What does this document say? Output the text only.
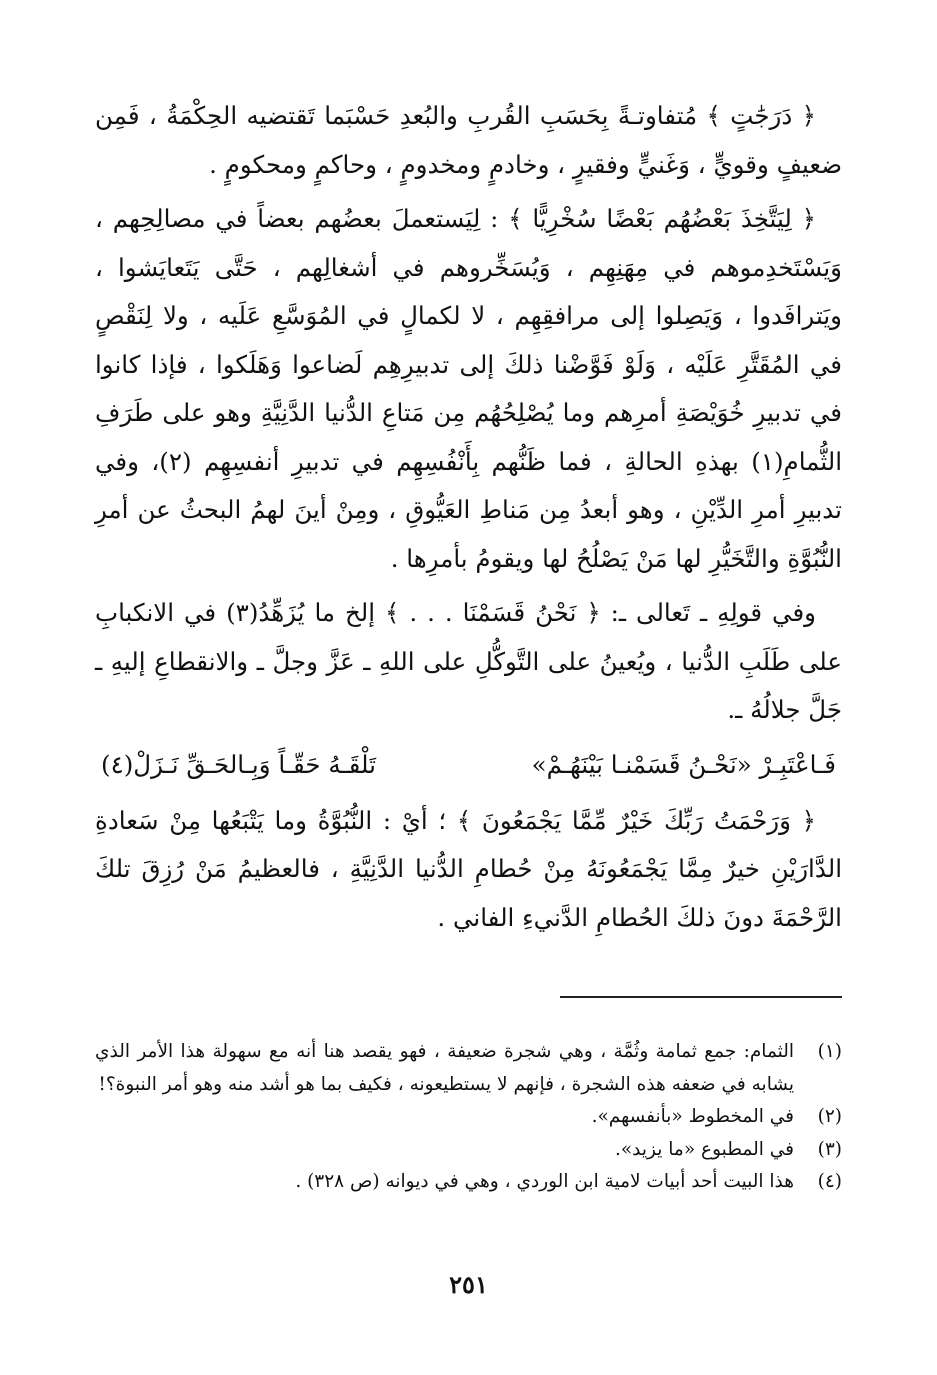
﴿ دَرَجَٰتٍ ﴾ مُتفاوتـةً بِحَسَبِ القُربِ والبُعدِ حَسْبَما تَقتضيه الحِكْمَةُ ، فَمِن ضعيفٍ وقويٍّ ، وَغَنيٍّ وفقيرٍ ، وخادمٍ ومخدومٍ ، وحاكمٍ ومحكومٍ .

﴿ لِيَتَّخِذَ بَعْضُهُم بَعْضًا سُخْرِيًّا ﴾ : لِيَستعملَ بعضُهم بعضاً في مصالِحِهم ، وَيَسْتَخدِموهم في مِهَنِهِم ، وَيُسَخِّروهم في أشغالِهم ، حَتَّى يَتَعايَشوا ، ويَترافَدوا ، وَيَصِلوا إلى مرافقِهِم ، لا لكمالٍ في المُوَسَّعِ عَلَيه ، ولا لِنَقْصٍ في المُقَتَّرِ عَلَيْه ، وَلَوْ فَوَّضْنا ذلكَ إلى تدبيرِهِم لَضاعوا وَهَلَكوا ، فإذا كانوا في تدبيرِ خُوَيْصَةِ أمرِهم وما يُصْلِحُهُم مِن مَتاعِ الدُّنيا الدَّنِيَّةِ وهو على طَرَفِ الثُّمامِ(١) بهذهِ الحالةِ ، فما ظَنُّهم بِأَنْفُسِهِم في تدبيرِ أنفسِهِم (٢)، وفي تدبيرِ أمرِ الدِّيْنِ ، وهو أبعدُ مِن مَناطِ العَيُّوقِ ، ومِنْ أينَ لهمُ البحثُ عن أمرِ النُّبُوَّةِ والتَّخَيُّرِ لها مَنْ يَصْلُحُ لها ويقومُ بأمرِها .

وفي قولِهِ ـ تَعالى ـ: ﴿ نَحْنُ قَسَمْنَا . . . ﴾ إلخ ما يُزَهِّدُ(٣) في الانكبابِ على طَلَبِ الدُّنيا ، ويُعينُ على التَّوكُّلِ على اللهِ ـ عَزَّ وجلَّ ـ والانقطاعِ إليهِ ـ جَلَّ جلالُهُ ـ.

فَـاعْتَبِـرْ «نَحْـنُ قَسَمْنـا بَيْنَهُـمْ»
تَلْقَـهُ حَقّـاً وَبِـالحَـقِّ نَـزَلْ(٤)

﴿ وَرَحْمَتُ رَبِّكَ خَيْرٌ مِّمَّا يَجْمَعُونَ ﴾ ؛ أيْ : النُّبُوَّةُ وما يَتْبَعُها مِنْ سَعادةِ الدَّارَيْنِ خيرٌ مِمَّا يَجْمَعُونَهُ مِنْ حُطامِ الدُّنيا الدَّنِيَّةِ ، فالعظيمُ مَنْ رُزِقَ تلكَ الرَّحْمَةَ دونَ ذلكَ الحُطامِ الدَّنيءِ الفاني .

(١)
الثمام: جمع ثمامة وثُمَّة ، وهي شجرة ضعيفة ، فهو يقصد هنا أنه مع سهولة هذا الأمر الذي يشابه في ضعفه هذه الشجرة ، فإنهم لا يستطيعونه ، فكيف بما هو أشد منه وهو أمر النبوة؟!
(٢)
في المخطوط «بأنفسهم».
(٣)
في المطبوع «ما يزيد».
(٤)
هذا البيت أحد أبيات لامية ابن الوردي ، وهي في ديوانه (ص ٣٢٨) .
٢٥١
